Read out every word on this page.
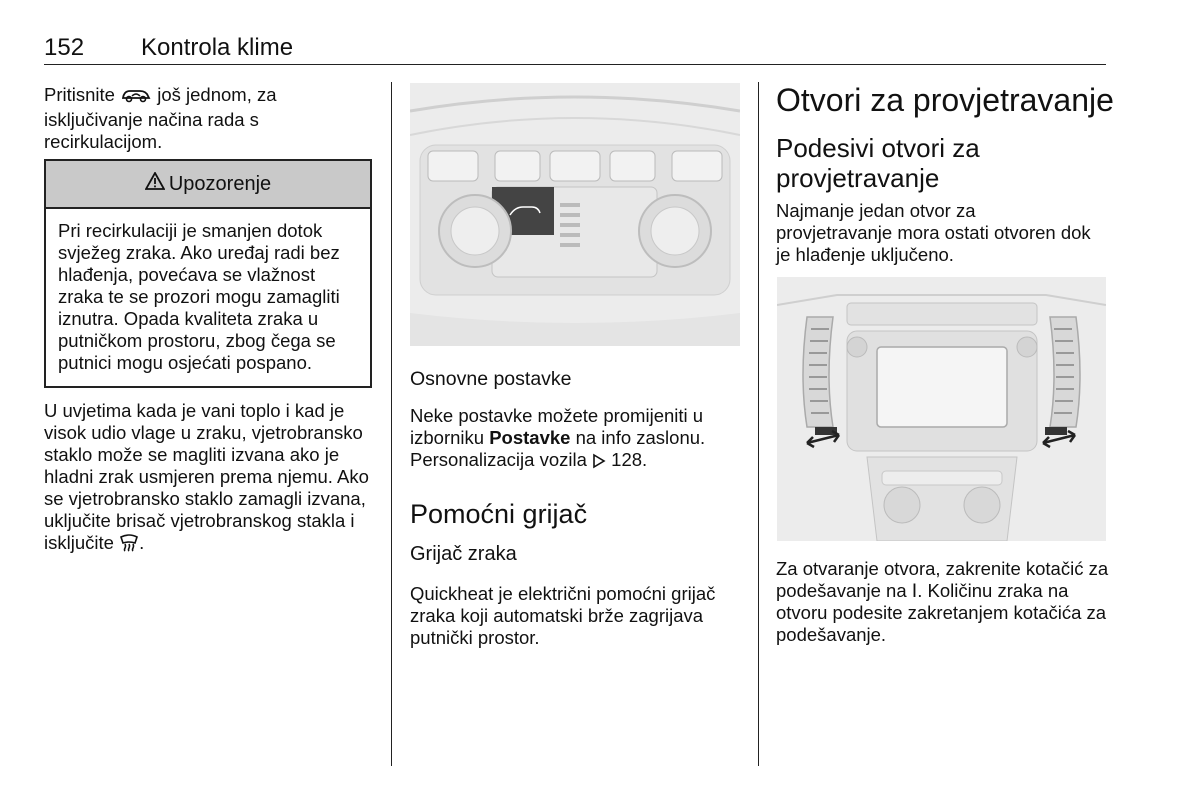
152 Kontrola klime
Pritisnite još jednom, za isključivanje načina rada s recirkulacijom.
Upozorenje
Pri recirkulaciji je smanjen dotok svježeg zraka. Ako uređaj radi bez hlađenja, povećava se vlažnost zraka te se prozori mogu zamagliti iznutra. Opada kvaliteta zraka u putničkom prostoru, zbog čega se putnici mogu osjećati pospano.
U uvjetima kada je vani toplo i kad je visok udio vlage u zraku, vjetrobransko staklo može se magliti izvana ako je hladni zrak usmjeren prema njemu. Ako se vjetrobransko staklo zamagli izvana, uključite brisač vjetrobranskog stakla i isključite .
Osnovne postavke
Neke postavke možete promijeniti u izborniku Postavke na info zaslonu. Personalizacija vozila 128.
Pomoćni grijač
Grijač zraka
Quickheat je električni pomoćni grijač zraka koji automatski brže zagrijava putnički prostor.
Otvori za provjetravanje
Podesivi otvori za provjetravanje
Najmanje jedan otvor za provjetravanje mora ostati otvoren dok je hlađenje uključeno.
Za otvaranje otvora, zakrenite kotačić za podešavanje na Ⅰ. Količinu zraka na otvoru podesite zakretanjem kotačića za podešavanje.
